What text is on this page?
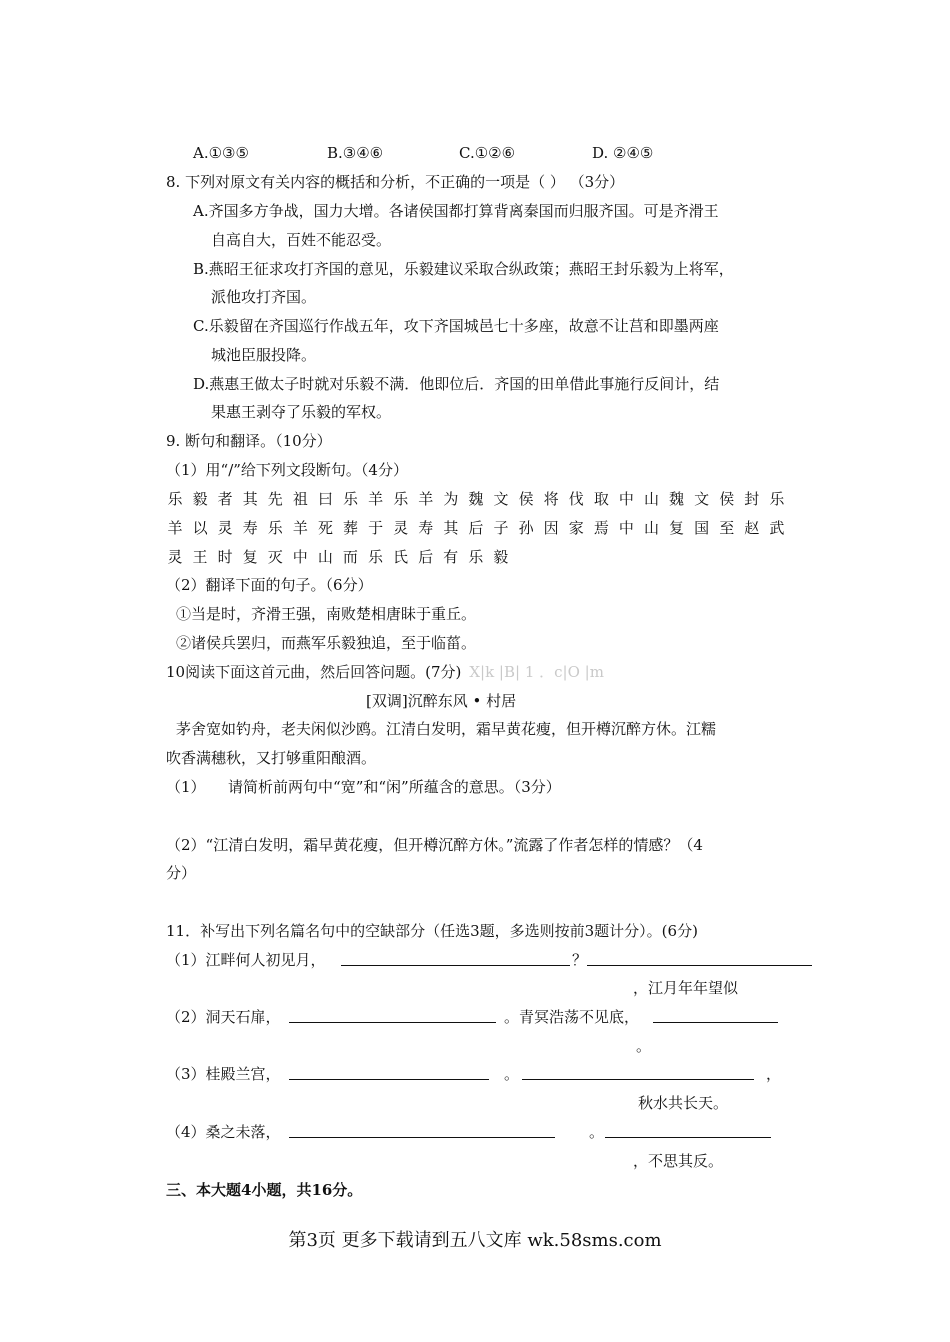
A.①③⑤	B.③④⑥	C.①②⑥	D. ②④⑤
8. 下列对原文有关内容的概括和分析，不正确的一项是（ ） （3分）
A.齐国多方争战，国力大增。各诸侯国都打算背离秦国而归服齐国。可是齐滑王
自高自大，百姓不能忍受。
B.燕昭王征求攻打齐国的意见，乐毅建议采取合纵政策；燕昭王封乐毅为上将军，
派他攻打齐国。
C.乐毅留在齐国巡行作战五年，攻下齐国城邑七十多座，故意不让莒和即墨两座
城池臣服投降。
D.燕惠王做太子时就对乐毅不满．他即位后．齐国的田单借此事施行反间计，结
果惠王剥夺了乐毅的军权。
9. 断句和翻译。（10分）
（1）用“/”给下列文段断句。（4分）
乐 毅 者 其 先 祖 曰 乐 羊 乐 羊 为 魏 文 侯 将 伐 取 中 山 魏 文 侯 封 乐
羊 以 灵 寿 乐 羊 死 葬 于 灵 寿 其 后 子 孙 因 家 焉 中 山 复 国 至 赵 武
灵 王 时 复 灭 中 山 而 乐 氏 后 有 乐 毅
（2）翻译下面的句子。（6分）
①当是时，齐滑王强，南败楚相唐眛于重丘。
②诸侯兵罢归，而燕军乐毅独追，至于临菑。
10阅读下面这首元曲，然后回答问题。(7分) X|k |B| 1 ．c|O |m
[双调]沉醉东风 • 村居
茅舍宽如钓舟，老夫闲似沙鸥。江清白发明，霜早黄花瘦，但开樽沉醉方休。江糯
吹香满穗秋，又打够重阳酿酒。
（1）　　请简析前两句中“宽”和“闲”所蕴含的意思。（3分）
（2）“江清白发明，霜早黄花瘦，但开樽沉醉方休。”流露了作者怎样的情感？（4
分）
11．补写出下列名篇名句中的空缺部分（任选3题，多选则按前3题计分）。(6分)
（1）江畔何人初见月，	？
，江月年年望似
（2）洞天石扉，	。青冥浩荡不见底，
。
（3）桂殿兰宫，	。	，
秋水共长天。
（4）桑之未落，	。
，不思其反。
三、本大题4小题，共16分。
第3页 更多下载请到五八文库 wk.58sms.com
